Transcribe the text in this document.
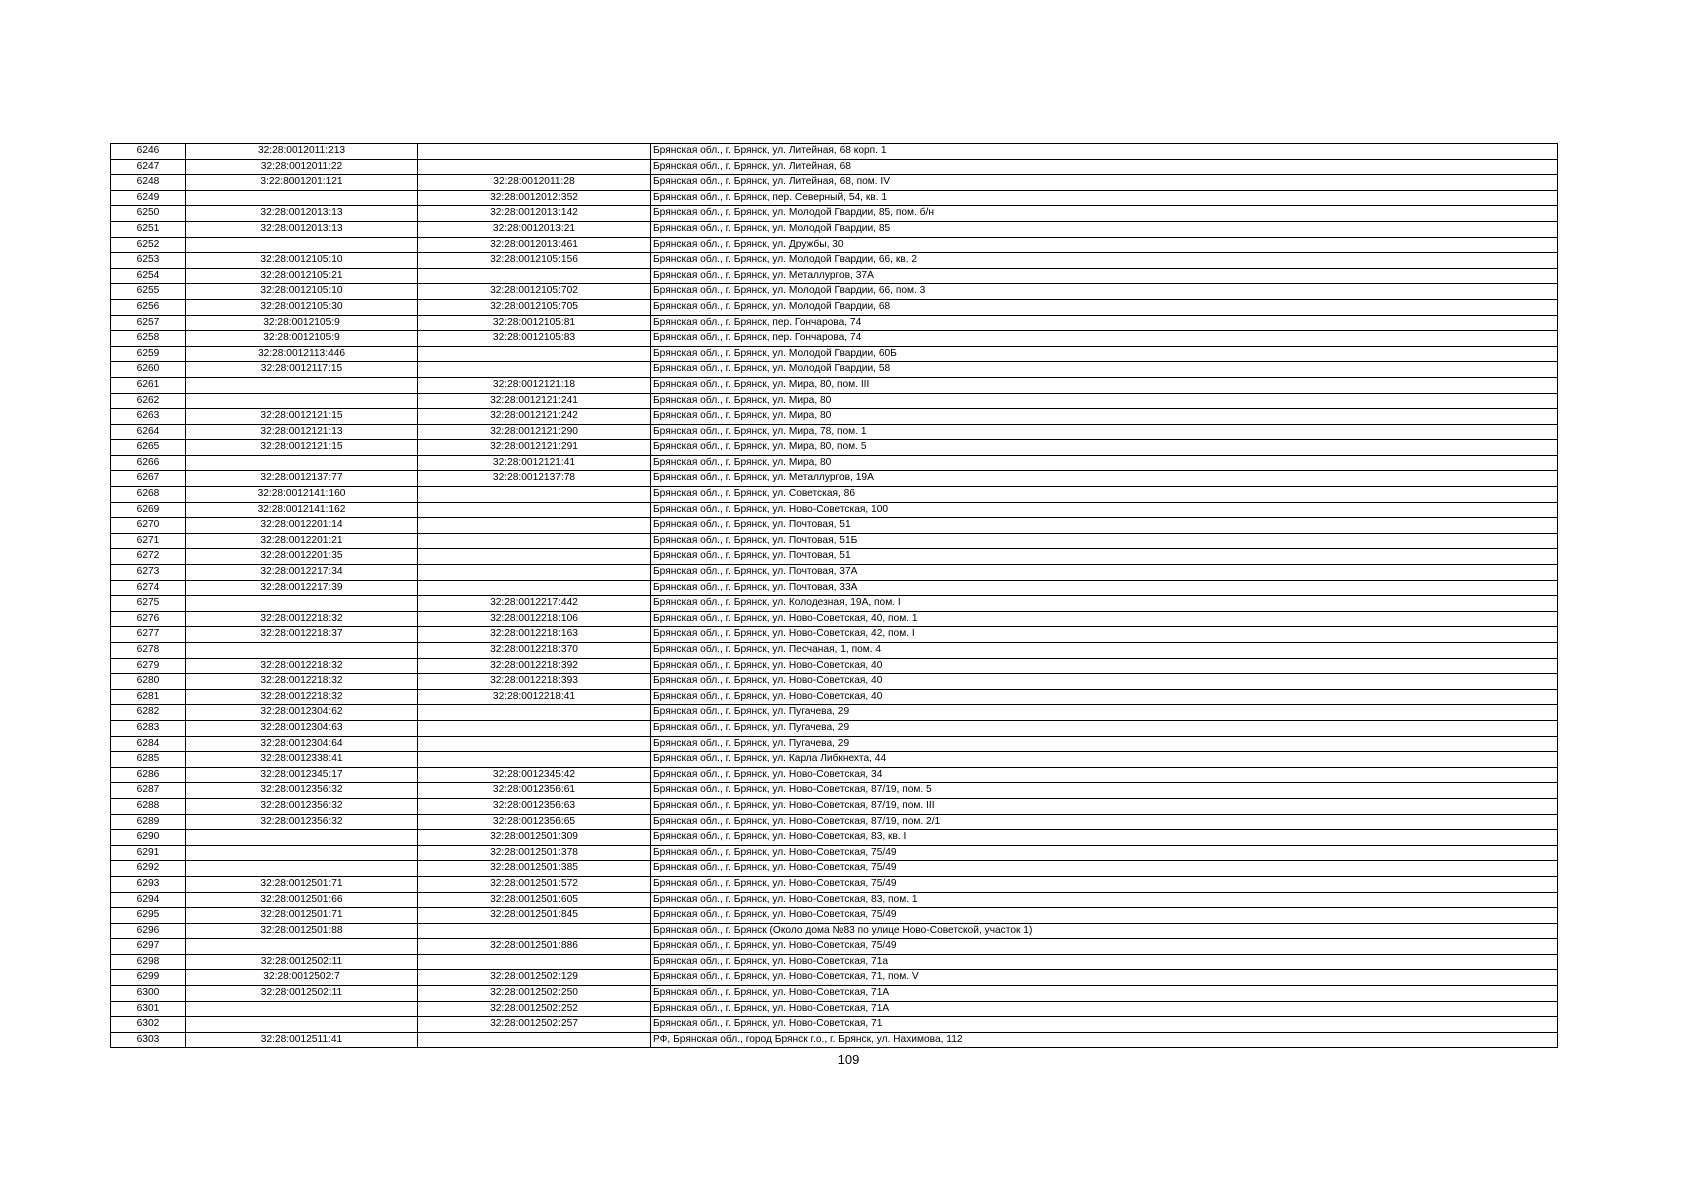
6246	32:28:0012011:213		Брянская обл., г. Брянск, ул. Литейная, 68 корп. 1
6247	32:28:0012011:22		Брянская обл., г. Брянск, ул. Литейная, 68
6248	3:22:8001201:121	32:28:0012011:28	Брянская обл., г. Брянск, ул. Литейная, 68, пом. IV
6249		32:28:0012012:352	Брянская обл., г. Брянск, пер. Северный, 54, кв. 1
6250	32:28:0012013:13	32:28:0012013:142	Брянская обл., г. Брянск, ул. Молодой Гвардии, 85, пом. б/н
6251	32:28:0012013:13	32:28:0012013:21	Брянская обл., г. Брянск, ул. Молодой Гвардии, 85
6252		32:28:0012013:461	Брянская обл., г. Брянск, ул. Дружбы, 30
6253	32:28:0012105:10	32:28:0012105:156	Брянская обл., г. Брянск, ул. Молодой Гвардии, 66, кв. 2
6254	32:28:0012105:21		Брянская обл., г. Брянск, ул. Металлургов, 37А
6255	32:28:0012105:10	32:28:0012105:702	Брянская обл., г. Брянск, ул. Молодой Гвардии, 66, пом. 3
6256	32:28:0012105:30	32:28:0012105:705	Брянская обл., г. Брянск, ул. Молодой Гвардии, 68
6257	32:28:0012105:9	32:28:0012105:81	Брянская обл., г. Брянск, пер. Гончарова, 74
6258	32:28:0012105:9	32:28:0012105:83	Брянская обл., г. Брянск, пер. Гончарова, 74
6259	32:28:0012113:446		Брянская обл., г. Брянск, ул. Молодой Гвардии, 60Б
6260	32:28:0012117:15		Брянская обл., г. Брянск, ул. Молодой Гвардии, 58
6261		32:28:0012121:18	Брянская обл., г. Брянск, ул. Мира, 80, пом. III
6262		32:28:0012121:241	Брянская обл., г. Брянск, ул. Мира, 80
6263	32:28:0012121:15	32:28:0012121:242	Брянская обл., г. Брянск, ул. Мира, 80
6264	32:28:0012121:13	32:28:0012121:290	Брянская обл., г. Брянск, ул. Мира, 78, пом. 1
6265	32:28:0012121:15	32:28:0012121:291	Брянская обл., г. Брянск, ул. Мира, 80, пом. 5
6266		32:28:0012121:41	Брянская обл., г. Брянск, ул. Мира, 80
6267	32:28:0012137:77	32:28:0012137:78	Брянская обл., г. Брянск, ул. Металлургов, 19А
6268	32:28:0012141:160		Брянская обл., г. Брянск, ул. Советская, 86
6269	32:28:0012141:162		Брянская обл., г. Брянск, ул. Ново-Советская, 100
6270	32:28:0012201:14		Брянская обл., г. Брянск, ул. Почтовая, 51
6271	32:28:0012201:21		Брянская обл., г. Брянск, ул. Почтовая, 51Б
6272	32:28:0012201:35		Брянская обл., г. Брянск, ул. Почтовая, 51
6273	32:28:0012217:34		Брянская обл., г. Брянск, ул. Почтовая, 37А
6274	32:28:0012217:39		Брянская обл., г. Брянск, ул. Почтовая, 33А
6275		32:28:0012217:442	Брянская обл., г. Брянск, ул. Колодезная, 19А, пом. I
6276	32:28:0012218:32	32:28:0012218:106	Брянская обл., г. Брянск, ул. Ново-Советская, 40, пом. 1
6277	32:28:0012218:37	32:28:0012218:163	Брянская обл., г. Брянск, ул. Ново-Советская, 42, пом. I
6278		32:28:0012218:370	Брянская обл., г. Брянск, ул. Песчаная, 1, пом. 4
6279	32:28:0012218:32	32:28:0012218:392	Брянская обл., г. Брянск, ул. Ново-Советская, 40
6280	32:28:0012218:32	32:28:0012218:393	Брянская обл., г. Брянск, ул. Ново-Советская, 40
6281	32:28:0012218:32	32:28:0012218:41	Брянская обл., г. Брянск, ул. Ново-Советская, 40
6282	32:28:0012304:62		Брянская обл., г. Брянск, ул. Пугачева, 29
6283	32:28:0012304:63		Брянская обл., г. Брянск, ул. Пугачева, 29
6284	32:28:0012304:64		Брянская обл., г. Брянск, ул. Пугачева, 29
6285	32:28:0012338:41		Брянская обл., г. Брянск, ул. Карла Либкнехта, 44
6286	32:28:0012345:17	32:28:0012345:42	Брянская обл., г. Брянск, ул. Ново-Советская, 34
6287	32:28:0012356:32	32:28:0012356:61	Брянская обл., г. Брянск, ул. Ново-Советская, 87/19, пом. 5
6288	32:28:0012356:32	32:28:0012356:63	Брянская обл., г. Брянск, ул. Ново-Советская, 87/19, пом. III
6289	32:28:0012356:32	32:28:0012356:65	Брянская обл., г. Брянск, ул. Ново-Советская, 87/19, пом. 2/1
6290		32:28:0012501:309	Брянская обл., г. Брянск, ул. Ново-Советская, 83, кв. I
6291		32:28:0012501:378	Брянская обл., г. Брянск, ул. Ново-Советская, 75/49
6292		32:28:0012501:385	Брянская обл., г. Брянск, ул. Ново-Советская, 75/49
6293	32:28:0012501:71	32:28:0012501:572	Брянская обл., г. Брянск, ул. Ново-Советская, 75/49
6294	32:28:0012501:66	32:28:0012501:605	Брянская обл., г. Брянск, ул. Ново-Советская, 83, пом. 1
6295	32:28:0012501:71	32:28:0012501:845	Брянская обл., г. Брянск, ул. Ново-Советская, 75/49
6296	32:28:0012501:88		Брянская обл., г. Брянск (Около дома №83 по улице Ново-Советской, участок 1)
6297		32:28:0012501:886	Брянская обл., г. Брянск, ул. Ново-Советская, 75/49
6298	32:28:0012502:11		Брянская обл., г. Брянск, ул. Ново-Советская, 71а
6299	32:28:0012502:7	32:28:0012502:129	Брянская обл., г. Брянск, ул. Ново-Советская, 71, пом. V
6300	32:28:0012502:11	32:28:0012502:250	Брянская обл., г. Брянск, ул. Ново-Советская, 71А
6301		32:28:0012502:252	Брянская обл., г. Брянск, ул. Ново-Советская, 71А
6302		32:28:0012502:257	Брянская обл., г. Брянск, ул. Ново-Советская, 71
6303	32:28:0012511:41		РФ, Брянская обл., город Брянск г.о., г. Брянск, ул. Нахимова, 112
109
